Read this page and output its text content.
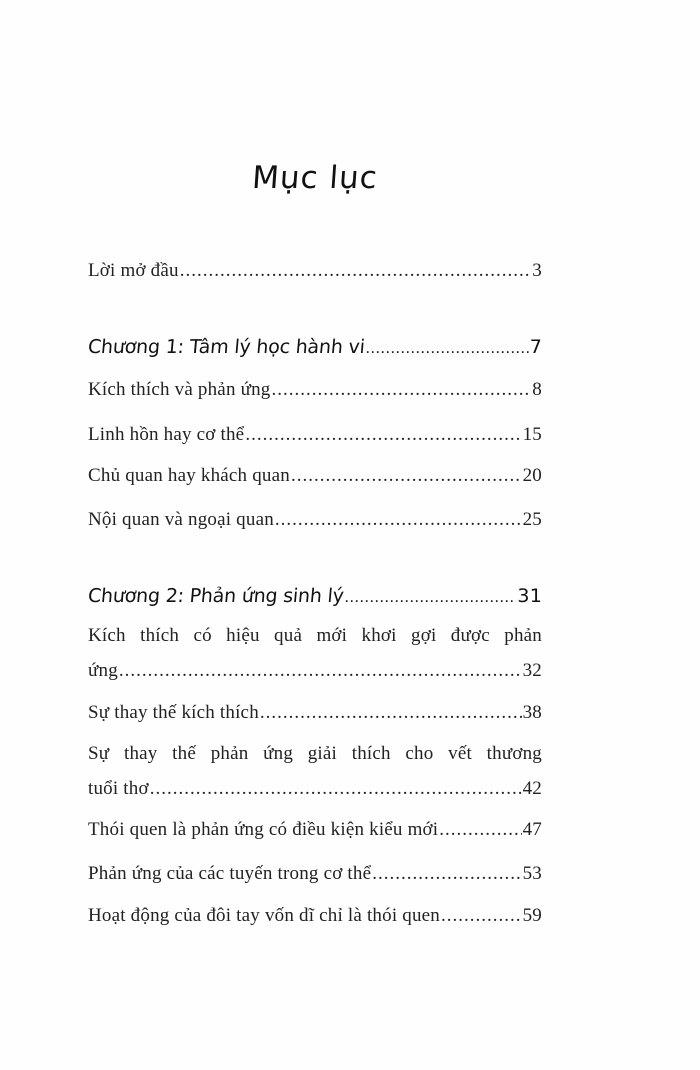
Mục lục
Lời mở đầu .....	3
Chương 1: Tâm lý học hành vi .....	7
Kích thích và phản ứng .....	8
Linh hồn hay cơ thể .....	15
Chủ quan hay khách quan .....	20
Nội quan và ngoại quan .....	25
Chương 2: Phản ứng sinh lý .....	31
Kích thích có hiệu quả mới khơi gợi được phản
ứng .....	32
Sự thay thế kích thích .....	38
Sự thay thế phản ứng giải thích cho vết thương
tuổi thơ .....	42
Thói quen là phản ứng có điều kiện kiểu mới .....	47
Phản ứng của các tuyến trong cơ thể .....	53
Hoạt động của đôi tay vốn dĩ chỉ là thói quen .....	59
